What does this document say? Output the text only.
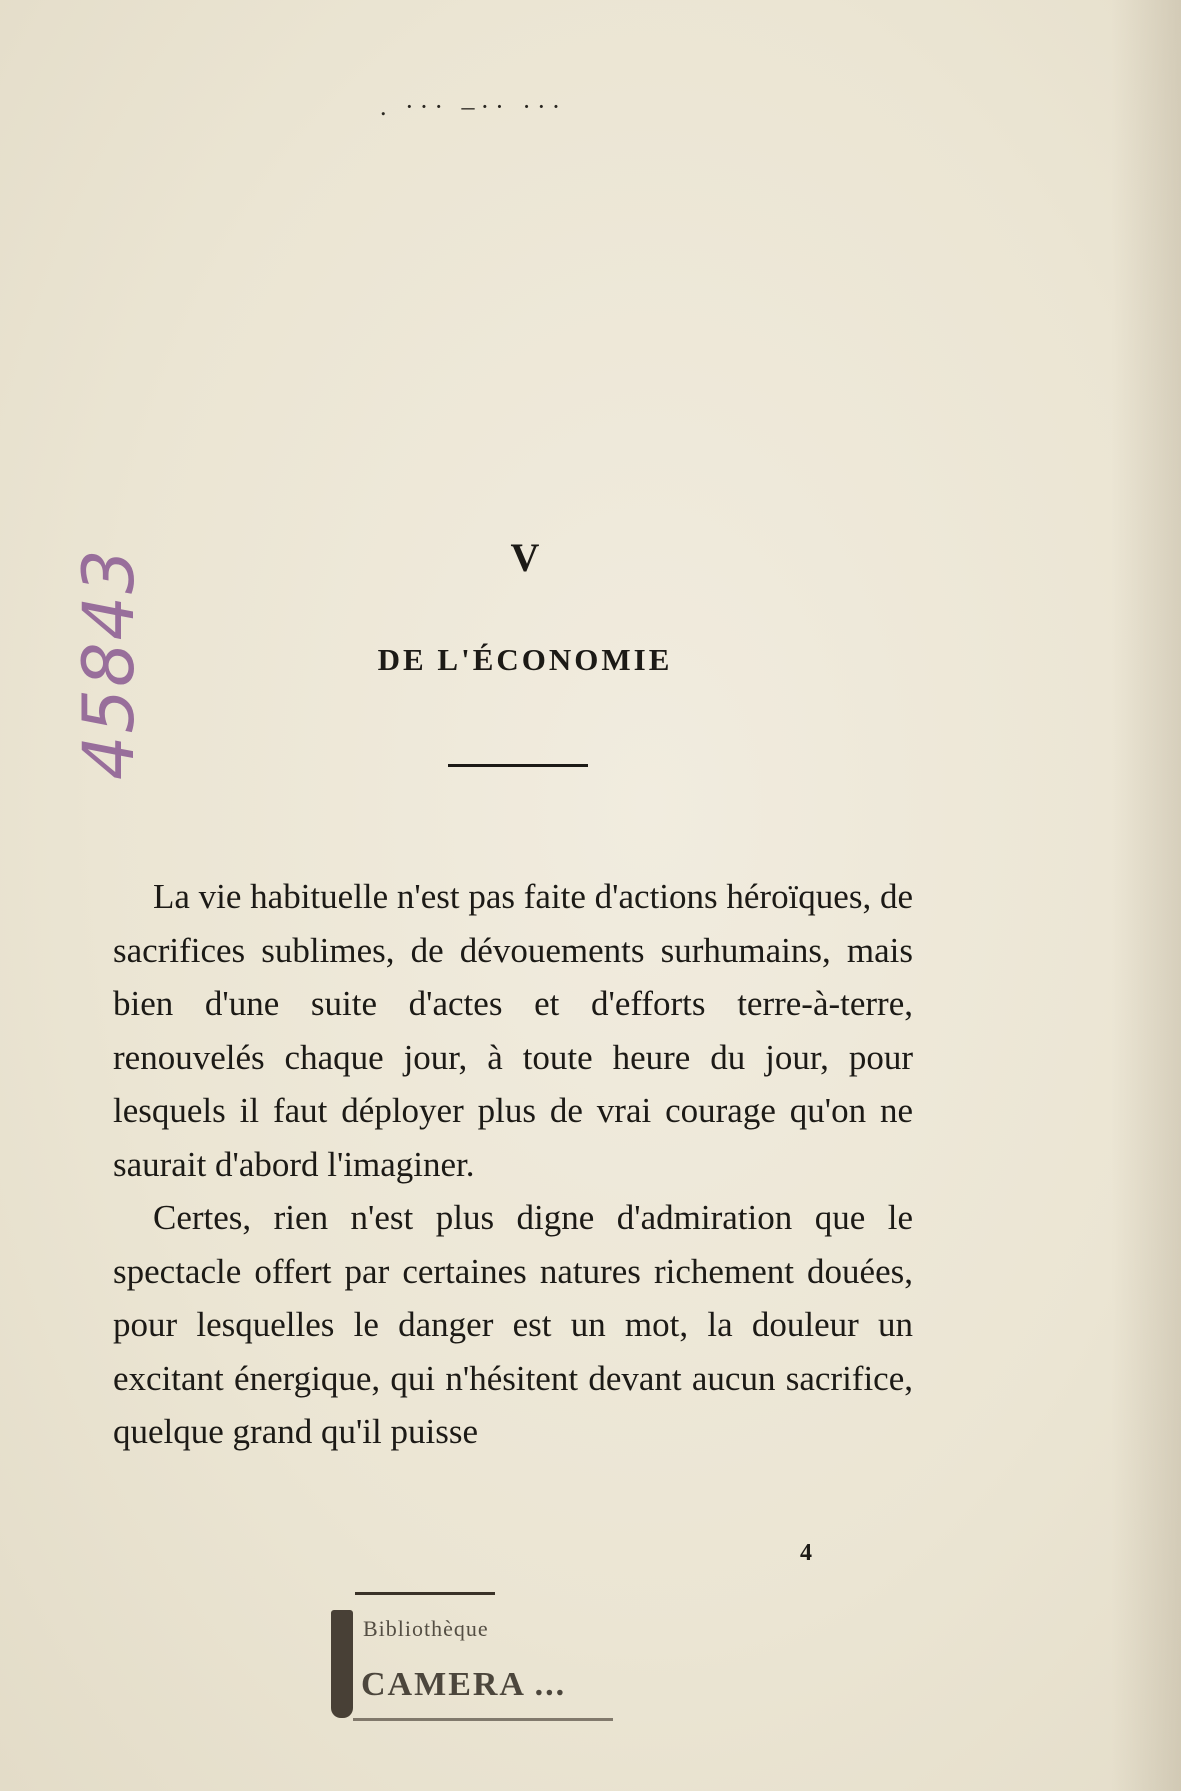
. ··· –·· ···
V
DE L'ÉCONOMIE
45843

La vie habituelle n'est pas faite d'actions héroïques, de sacrifices sublimes, de dévouements surhumains, mais bien d'une suite d'actes et d'efforts terre-à-terre, renouvelés chaque jour, à toute heure du jour, pour lesquels il faut déployer plus de vrai courage qu'on ne saurait d'abord l'imaginer.

Certes, rien n'est plus digne d'admiration que le spectacle offert par certaines natures richement douées, pour lesquelles le danger est un mot, la douleur un excitant énergique, qui n'hésitent devant aucun sacrifice, quelque grand qu'il puisse

4
Bibliothèque
CAMERA ...
